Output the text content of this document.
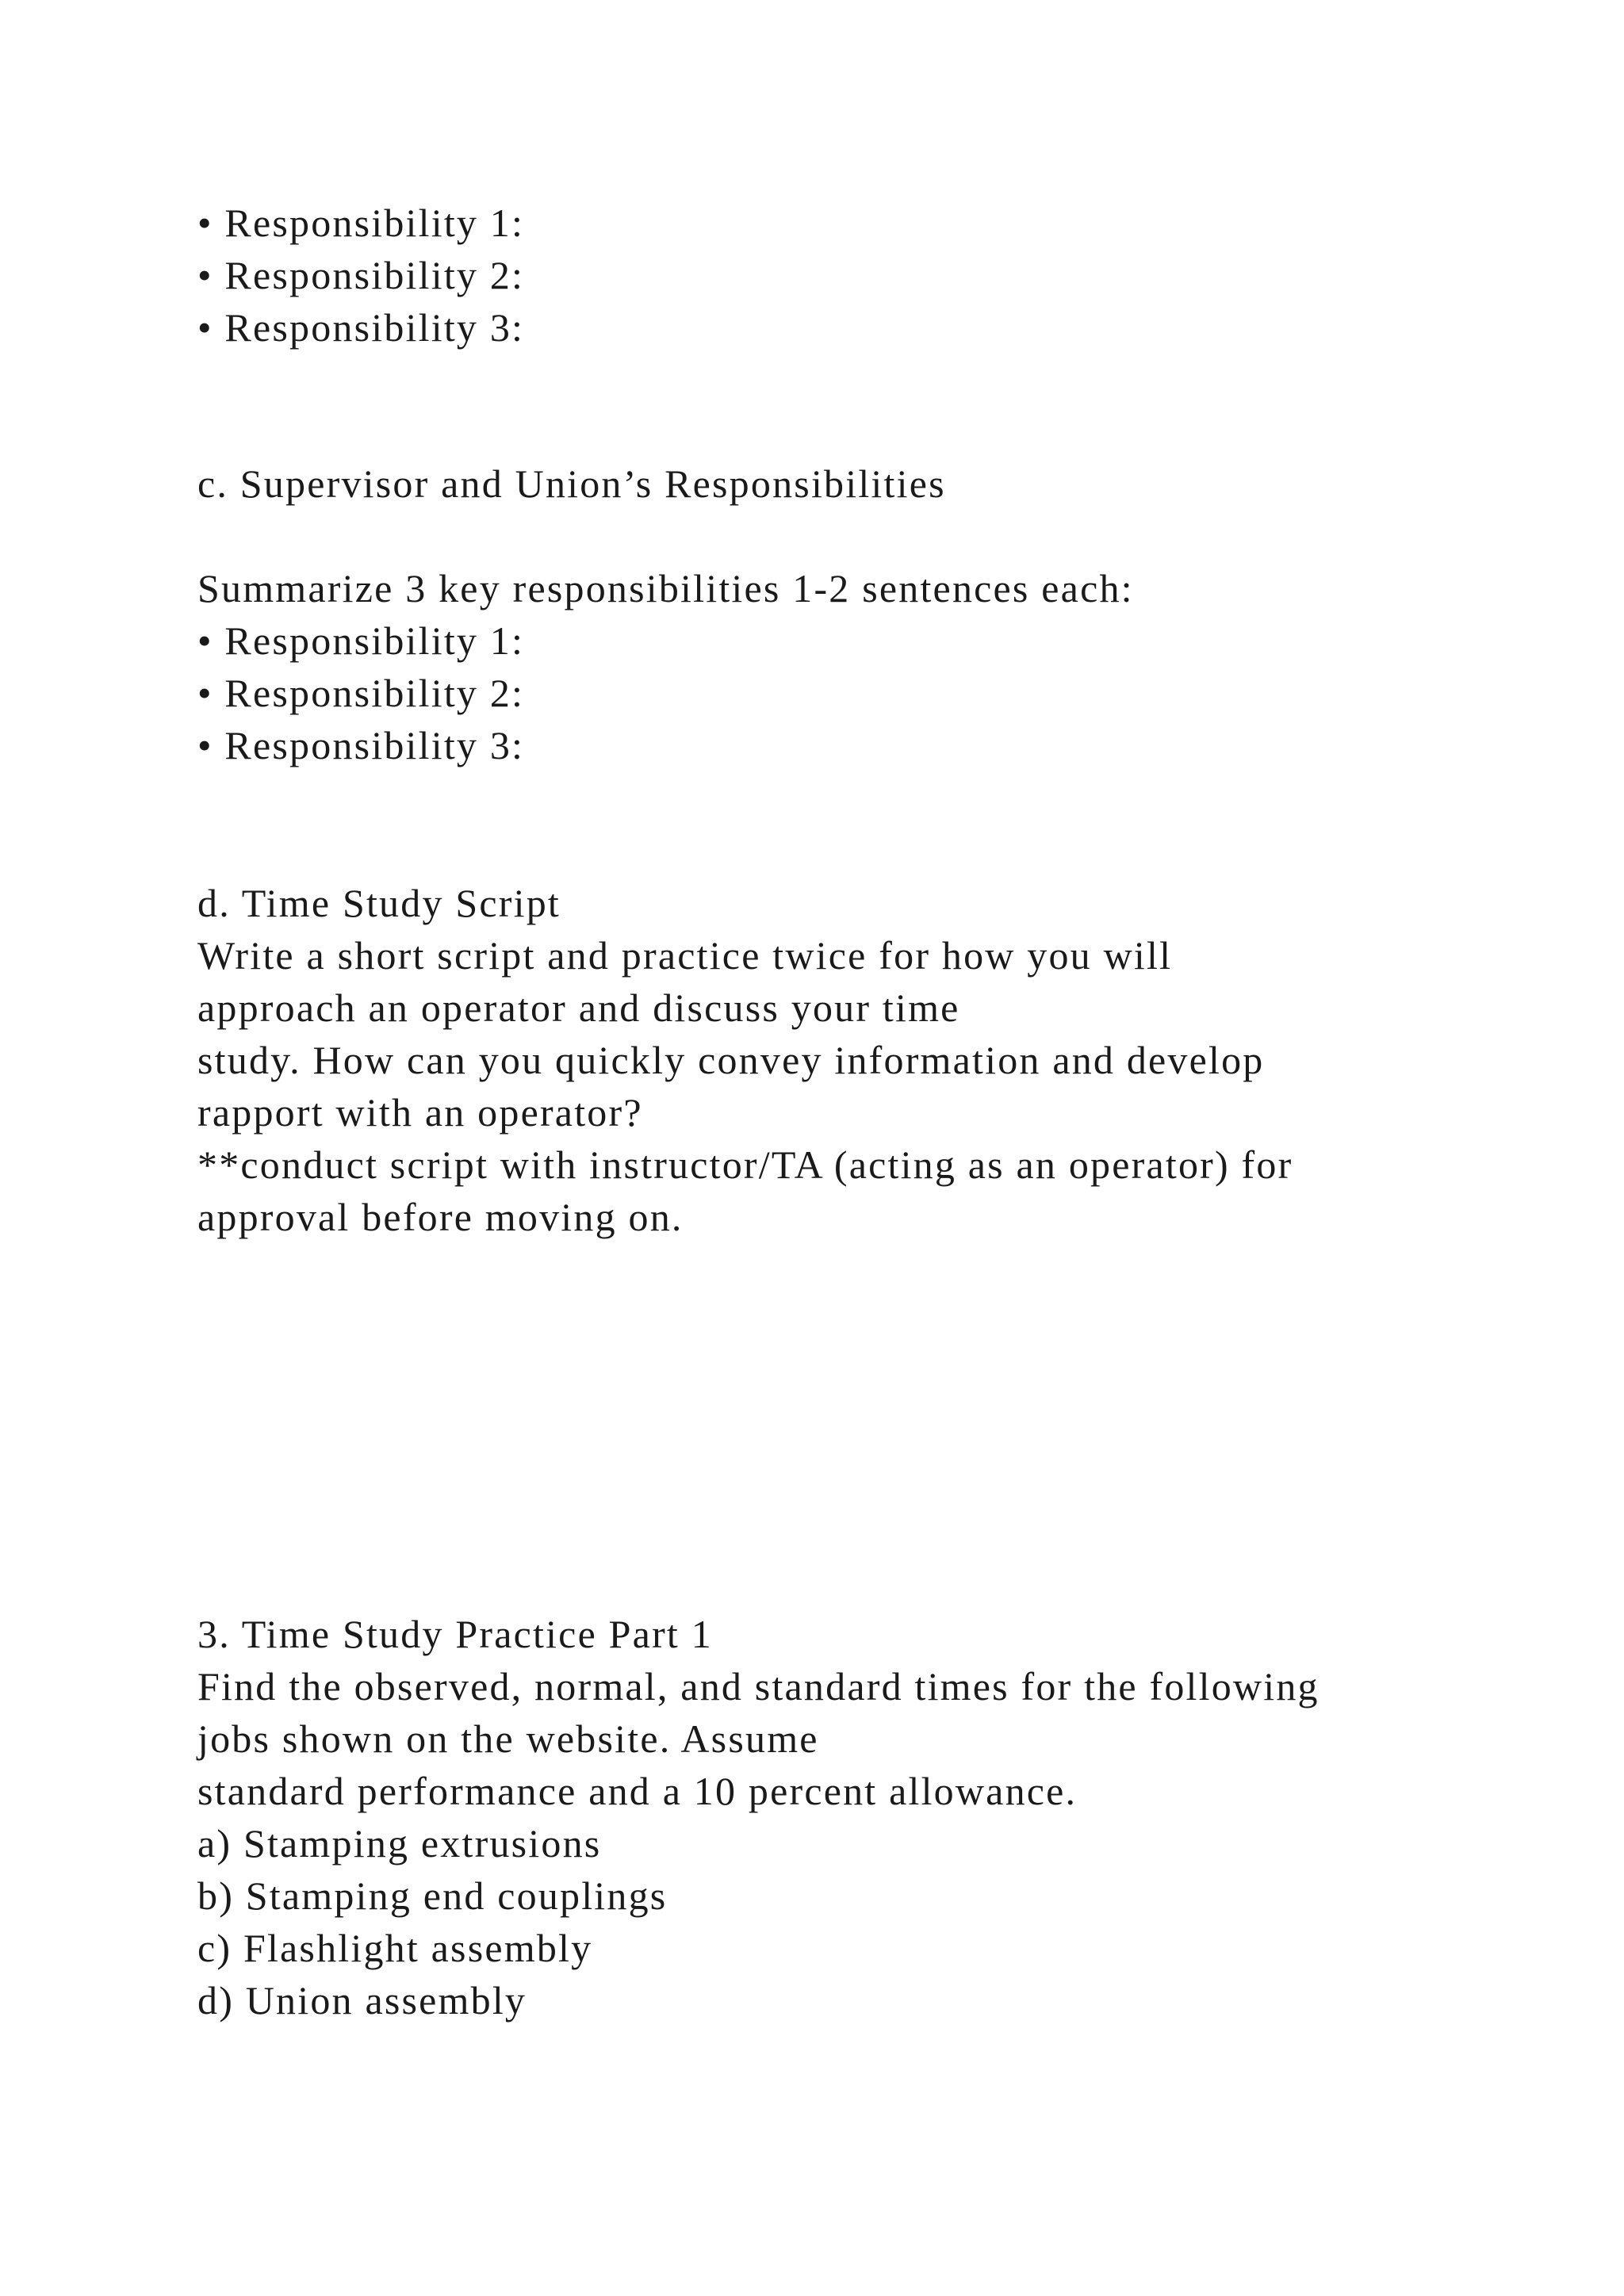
• Responsibility 1:

• Responsibility 2:

• Responsibility 3:

c. Supervisor and Union’s Responsibilities

Summarize 3 key responsibilities 1-2 sentences each:

• Responsibility 1:

• Responsibility 2:

• Responsibility 3:

d. Time Study Script

Write a short script and practice twice for how you will

approach an operator and discuss your time

study. How can you quickly convey information and develop

rapport with an operator?

**conduct script with instructor/TA (acting as an operator) for

approval before moving on.

3. Time Study Practice Part 1

Find the observed, normal, and standard times for the following

jobs shown on the website. Assume

standard performance and a 10 percent allowance.

a) Stamping extrusions

b) Stamping end couplings

c) Flashlight assembly

d) Union assembly
